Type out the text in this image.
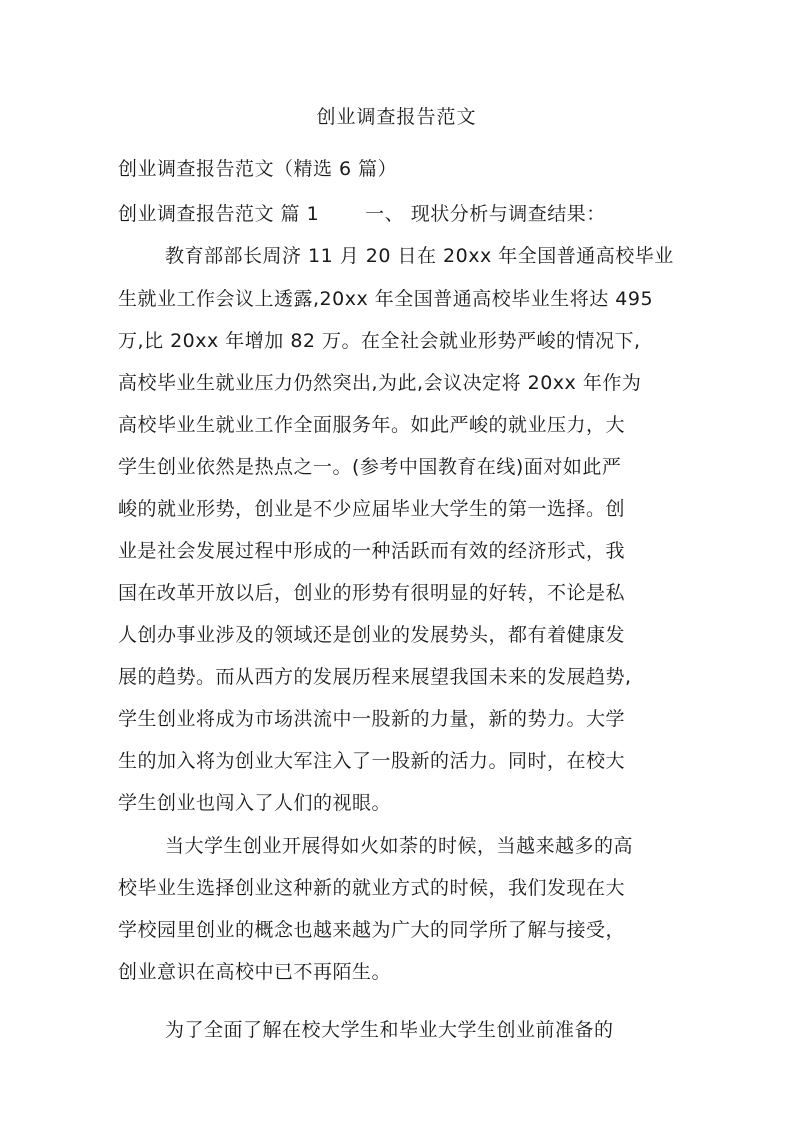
创业调查报告范文
创业调查报告范文（精选 6 篇）
创业调查报告范文 篇 1 一、 现状分析与调查结果：
教育部部长周济 11 月 20 日在 20xx 年全国普通高校毕业
生就业工作会议上透露,20xx 年全国普通高校毕业生将达 495
万,比 20xx 年增加 82 万。在全社会就业形势严峻的情况下,
高校毕业生就业压力仍然突出,为此,会议决定将 20xx 年作为
高校毕业生就业工作全面服务年。如此严峻的就业压力，大
学生创业依然是热点之一。(参考中国教育在线)面对如此严
峻的就业形势，创业是不少应届毕业大学生的第一选择。创
业是社会发展过程中形成的一种活跃而有效的经济形式，我
国在改革开放以后，创业的形势有很明显的好转，不论是私
人创办事业涉及的领域还是创业的发展势头，都有着健康发
展的趋势。而从西方的发展历程来展望我国未来的发展趋势,
学生创业将成为市场洪流中一股新的力量，新的势力。大学
生的加入将为创业大军注入了一股新的活力。同时，在校大
学生创业也闯入了人们的视眼。
当大学生创业开展得如火如荼的时候，当越来越多的高
校毕业生选择创业这种新的就业方式的时候，我们发现在大
学校园里创业的概念也越来越为广大的同学所了解与接受，
创业意识在高校中已不再陌生。
为了全面了解在校大学生和毕业大学生创业前准备的
